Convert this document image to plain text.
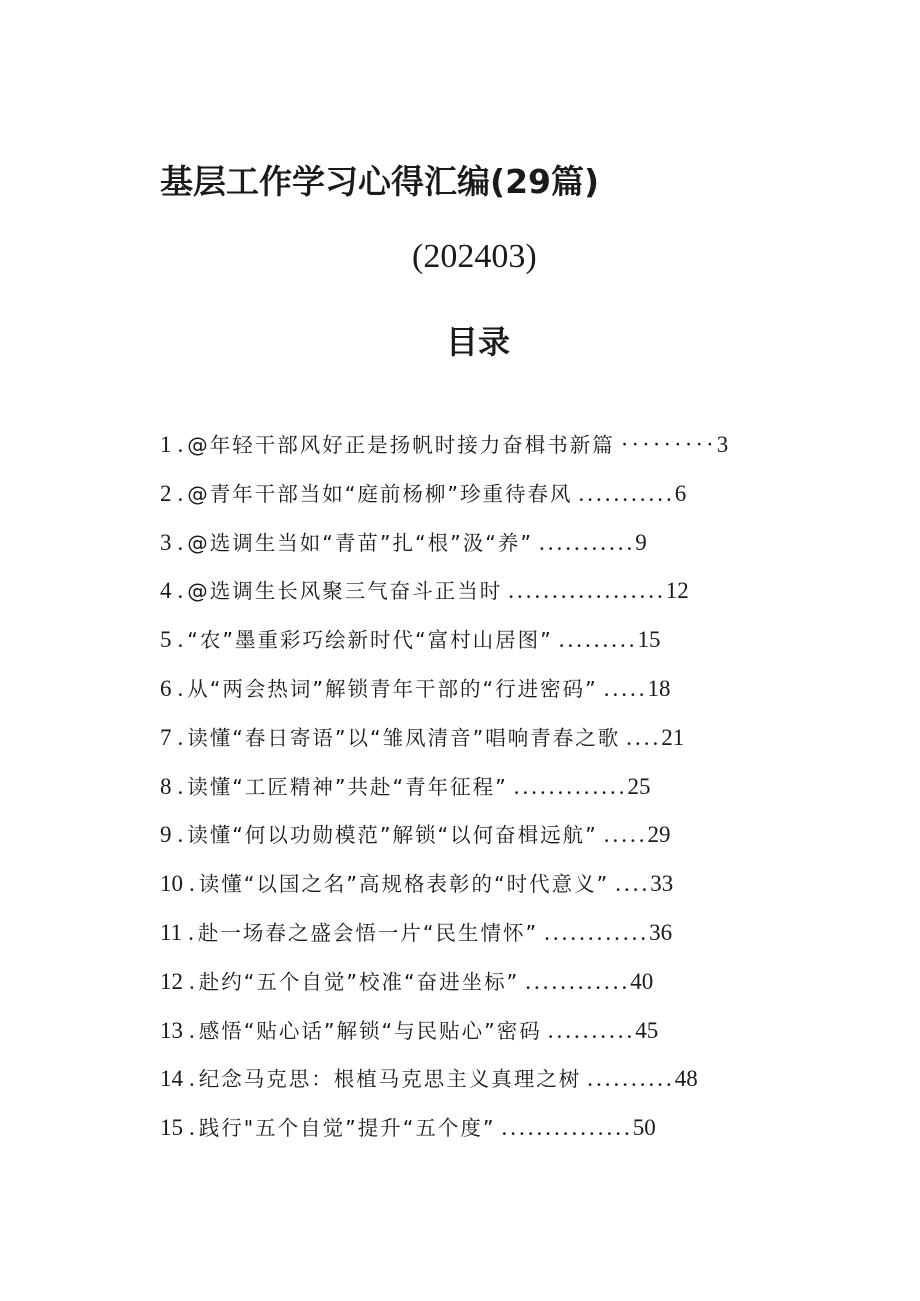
基层工作学习心得汇编(29篇)
(202403)
目录
1 . @年轻干部风好正是扬帆时接力奋楫书新篇 ········· 3
2 . @青年干部当如“庭前杨柳”珍重待春风 ........... 6
3 . @选调生当如“青苗”扎“根”汲“养” ........... 9
4 . @选调生长风聚三气奋斗正当时 .................. 12
5 . “农”墨重彩巧绘新时代“富村山居图” ......... 15
6 . 从“两会热词”解锁青年干部的“行进密码” ..... 18
7 . 读懂“春日寄语”以“雏凤清音”唱响青春之歌 .... 21
8 . 读懂“工匠精神”共赴“青年征程” ............. 25
9 . 读懂“何以功勋模范”解锁“以何奋楫远航” ..... 29
10 . 读懂“以国之名”高规格表彰的“时代意义” .... 33
11 . 赴一场春之盛会悟一片“民生情怀” ............ 36
12 . 赴约“五个自觉”校准“奋进坐标” ............ 40
13 . 感悟“贴心话”解锁“与民贴心”密码 .......... 45
14 . 纪念马克思：根植马克思主义真理之树 .......... 48
15 . 践行"五个自觉”提升“五个度” ............... 50
